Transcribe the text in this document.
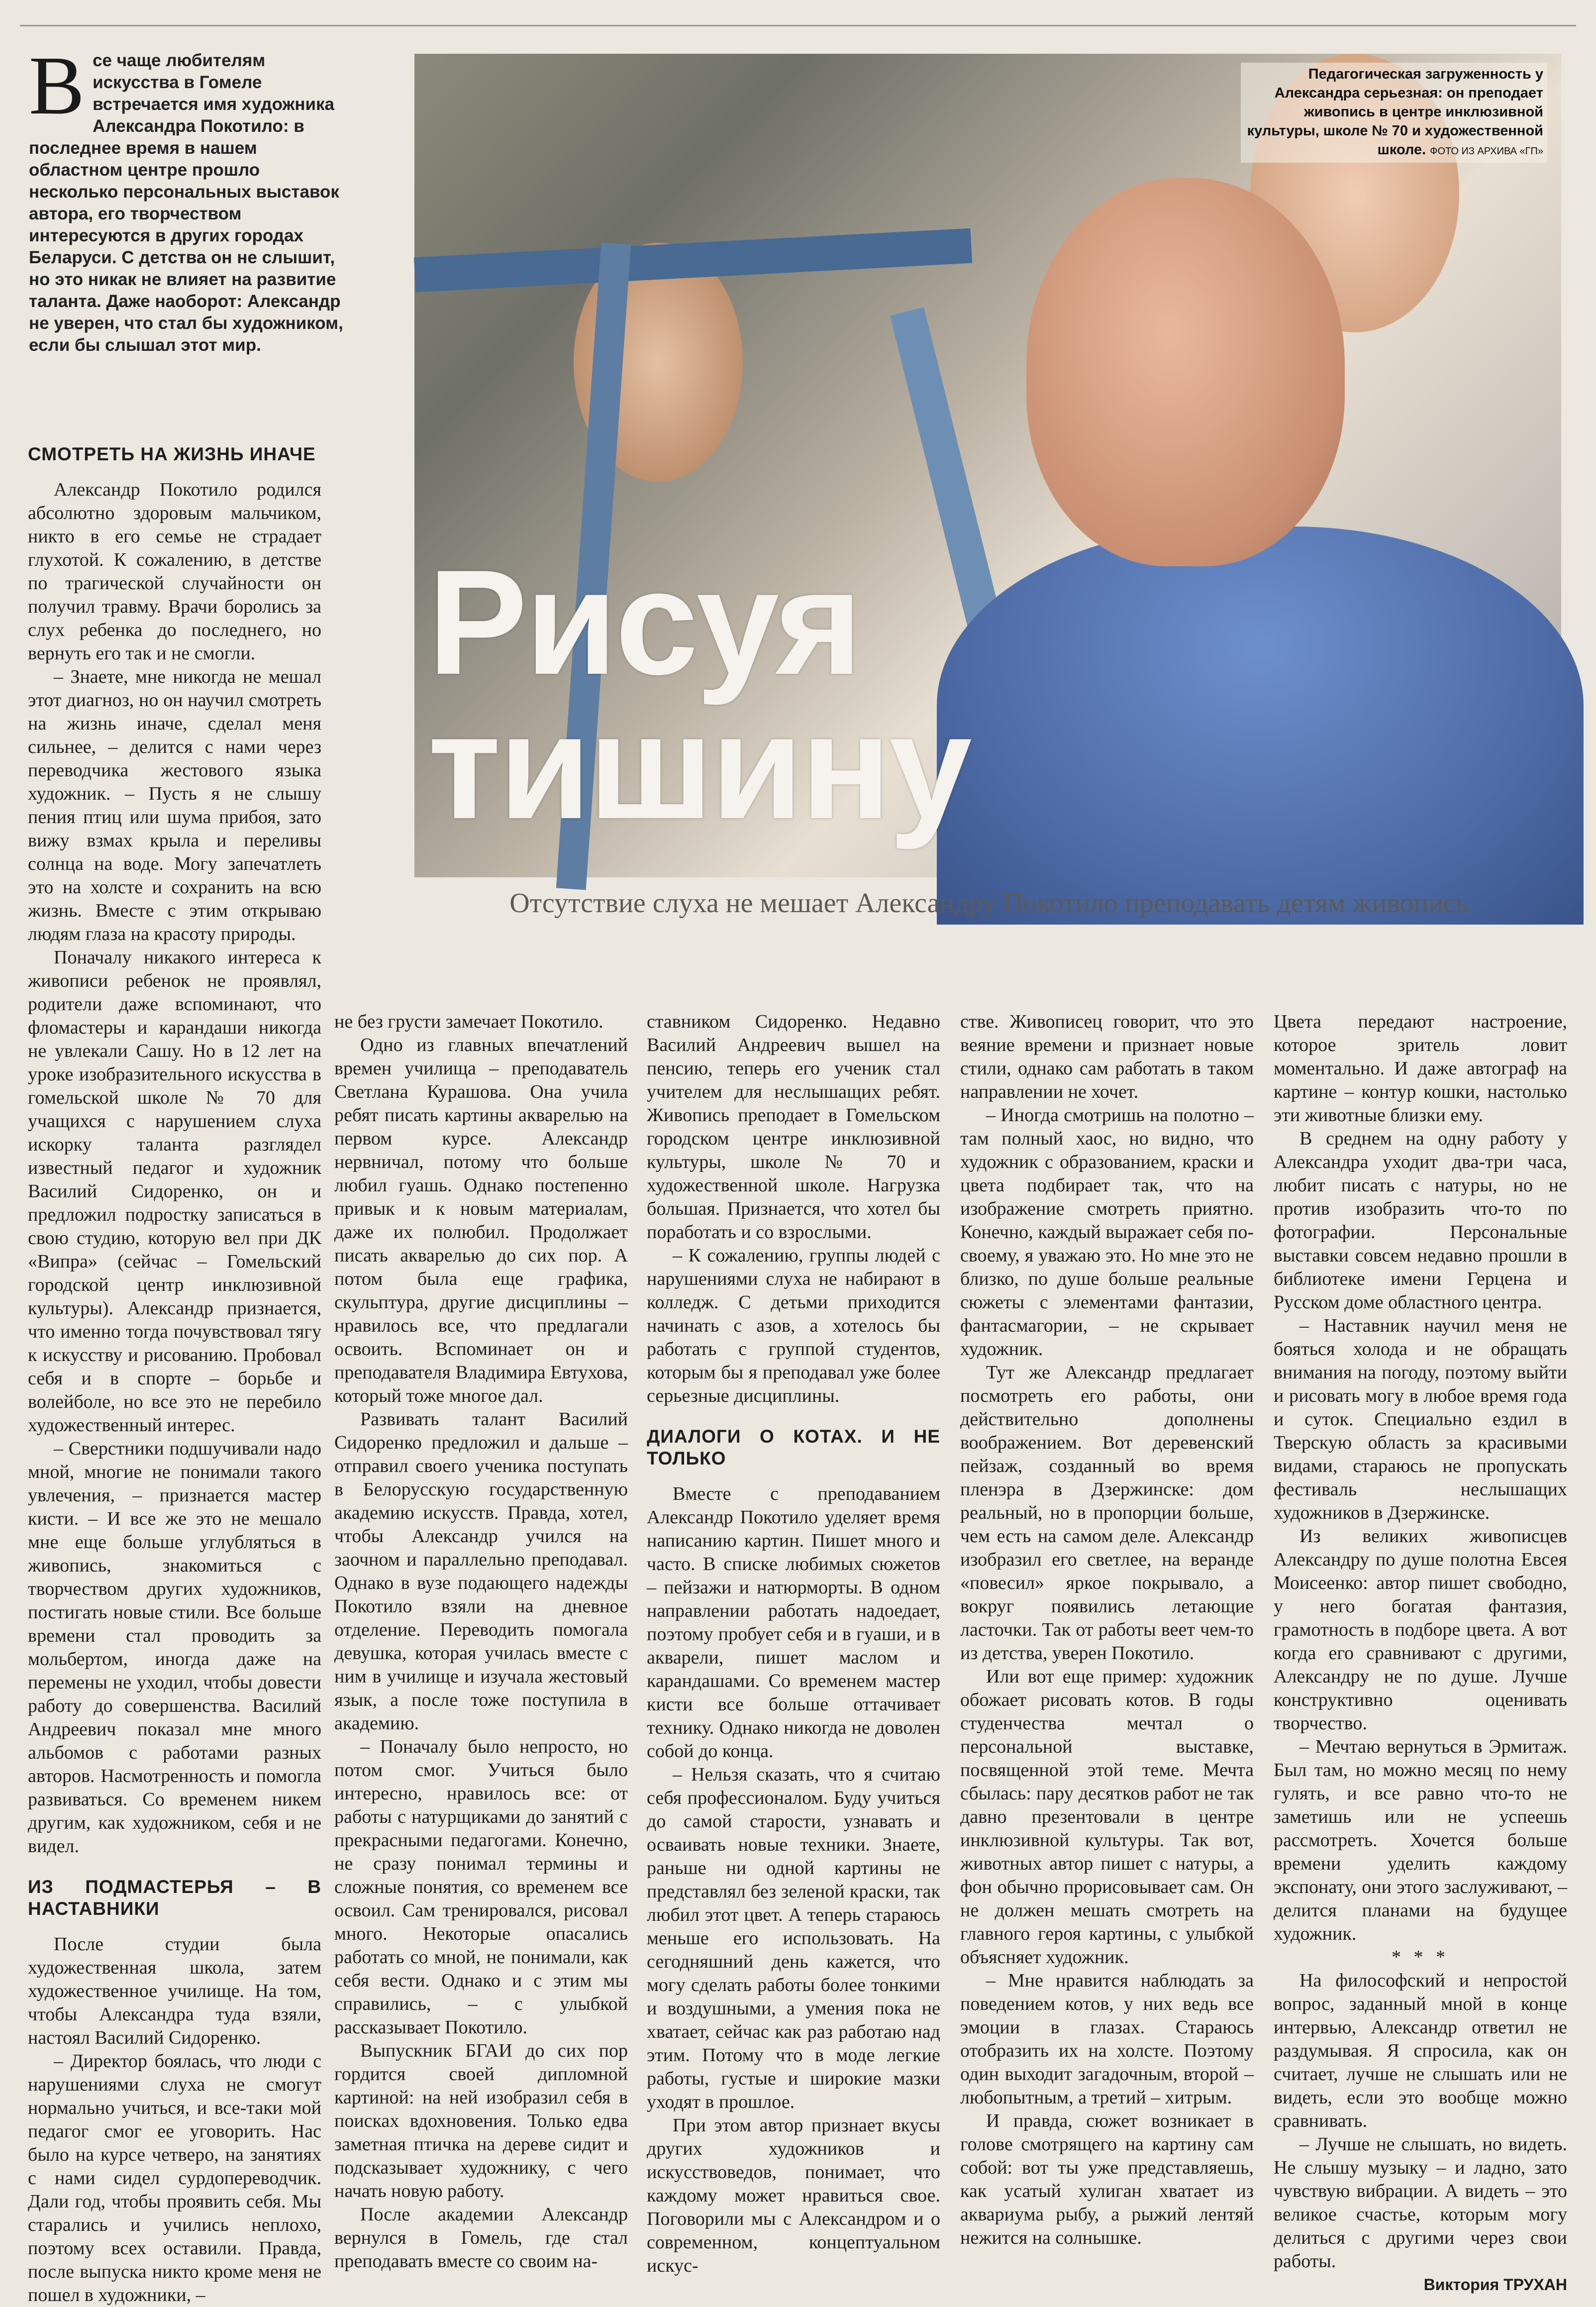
Все чаще любителям искусства в Гомеле встречается имя художника Александра Покотило: в последнее время в нашем областном центре прошло несколько персональных выставок автора, его творчеством интересуются в других городах Беларуси. С детства он не слышит, но это никак не влияет на развитие таланта. Даже наоборот: Александр не уверен, что стал бы художником, если бы слышал этот мир.
Педагогическая загруженность у Александра серьезная: он преподает живопись в центре инклюзивной культуры, школе № 70 и художественной школе. ФОТО ИЗ АРХИВА «ГП»
Рисуя
тишину
Отсутствие слуха не мешает Александру Покотило преподавать детям живопись
СМОТРЕТЬ НА ЖИЗНЬ ИНАЧЕ

Александр Покотило родился абсолютно здоровым мальчиком, никто в его семье не страдает глухотой. К сожалению, в детстве по трагической случайности он получил травму. Врачи боролись за слух ребенка до последнего, но вернуть его так и не смогли.

– Знаете, мне никогда не мешал этот диагноз, но он научил смотреть на жизнь иначе, сделал меня сильнее, – делится с нами через переводчика жестового языка художник. – Пусть я не слышу пения птиц или шума прибоя, зато вижу взмах крыла и переливы солнца на воде. Могу запечатлеть это на холсте и сохранить на всю жизнь. Вместе с этим открываю людям глаза на красоту природы.

Поначалу никакого интереса к живописи ребенок не проявлял, родители даже вспоминают, что фломастеры и карандаши никогда не увлекали Сашу. Но в 12 лет на уроке изобразительного искусства в гомельской школе № 70 для учащихся с нарушением слуха искорку таланта разглядел известный педагог и художник Василий Сидоренко, он и предложил подростку записаться в свою студию, которую вел при ДК «Випра» (сейчас – Гомельский городской центр инклюзивной культуры). Александр признается, что именно тогда почувствовал тягу к искусству и рисованию. Пробовал себя и в спорте – борьбе и волейболе, но все это не перебило художественный интерес.

– Сверстники подшучивали надо мной, многие не понимали такого увлечения, – признается мастер кисти. – И все же это не мешало мне еще больше углубляться в живопись, знакомиться с творчеством других художников, постигать новые стили. Все больше времени стал проводить за мольбертом, иногда даже на перемены не уходил, чтобы довести работу до совершенства. Василий Андреевич показал мне много альбомов с работами разных авторов. Насмотренность и помогла развиваться. Со временем никем другим, как художником, себя и не видел.

ИЗ ПОДМАСТЕРЬЯ – В НАСТАВНИКИ

После студии была художественная школа, затем художественное училище. На том, чтобы Александра туда взяли, настоял Василий Сидоренко.

– Директор боялась, что люди с нарушениями слуха не смогут нормально учиться, и все-таки мой педагог смог ее уговорить. Нас было на курсе четверо, на занятиях с нами сидел сурдопереводчик. Дали год, чтобы проявить себя. Мы старались и учились неплохо, поэтому всех оставили. Правда, после выпуска никто кроме меня не пошел в художники, –

не без грусти замечает Покотило.

Одно из главных впечатлений времен училища – преподаватель Светлана Курашова. Она учила ребят писать картины акварелью на первом курсе. Александр нервничал, потому что больше любил гуашь. Однако постепенно привык и к новым материалам, даже их полюбил. Продолжает писать акварелью до сих пор. А потом была еще графика, скульптура, другие дисциплины – нравилось все, что предлагали освоить. Вспоминает он и преподавателя Владимира Евтухова, который тоже многое дал.

Развивать талант Василий Сидоренко предложил и дальше – отправил своего ученика поступать в Белорусскую государственную академию искусств. Правда, хотел, чтобы Александр учился на заочном и параллельно преподавал. Однако в вузе подающего надежды Покотило взяли на дневное отделение. Переводить помогала девушка, которая училась вместе с ним в училище и изучала жестовый язык, а после тоже поступила в академию.

– Поначалу было непросто, но потом смог. Учиться было интересно, нравилось все: от работы с натурщиками до занятий с прекрасными педагогами. Конечно, не сразу понимал термины и сложные понятия, со временем все освоил. Сам тренировался, рисовал много. Некоторые опасались работать со мной, не понимали, как себя вести. Однако и с этим мы справились, – с улыбкой рассказывает Покотило.

Выпускник БГАИ до сих пор гордится своей дипломной картиной: на ней изобразил себя в поисках вдохновения. Только едва заметная птичка на дереве сидит и подсказывает художнику, с чего начать новую работу.

После академии Александр вернулся в Гомель, где стал преподавать вместе со своим на-

ставником Сидоренко. Недавно Василий Андреевич вышел на пенсию, теперь его ученик стал учителем для неслышащих ребят. Живопись преподает в Гомельском городском центре инклюзивной культуры, школе № 70 и художественной школе. Нагрузка большая. Признается, что хотел бы поработать и со взрослыми.

– К сожалению, группы людей с нарушениями слуха не набирают в колледж. С детьми приходится начинать с азов, а хотелось бы работать с группой студентов, которым бы я преподавал уже более серьезные дисциплины.

ДИАЛОГИ О КОТАХ. И НЕ ТОЛЬКО

Вместе с преподаванием Александр Покотило уделяет время написанию картин. Пишет много и часто. В списке любимых сюжетов – пейзажи и натюрморты. В одном направлении работать надоедает, поэтому пробует себя и в гуаши, и в акварели, пишет маслом и карандашами. Со временем мастер кисти все больше оттачивает технику. Однако никогда не доволен собой до конца.

– Нельзя сказать, что я считаю себя профессионалом. Буду учиться до самой старости, узнавать и осваивать новые техники. Знаете, раньше ни одной картины не представлял без зеленой краски, так любил этот цвет. А теперь стараюсь меньше его использовать. На сегодняшний день кажется, что могу сделать работы более тонкими и воздушными, а умения пока не хватает, сейчас как раз работаю над этим. Потому что в моде легкие работы, густые и широкие мазки уходят в прошлое.

При этом автор признает вкусы других художников и искусствоведов, понимает, что каждому может нравиться свое. Поговорили мы с Александром и о современном, концептуальном искус-

стве. Живописец говорит, что это веяние времени и признает новые стили, однако сам работать в таком направлении не хочет.

– Иногда смотришь на полотно – там полный хаос, но видно, что художник с образованием, краски и цвета подбирает так, что на изображение смотреть приятно. Конечно, каждый выражает себя по-своему, я уважаю это. Но мне это не близко, по душе больше реальные сюжеты с элементами фантазии, фантасмагории, – не скрывает художник.

Тут же Александр предлагает посмотреть его работы, они действительно дополнены воображением. Вот деревенский пейзаж, созданный во время пленэра в Дзержинске: дом реальный, но в пропорции больше, чем есть на самом деле. Александр изобразил его светлее, на веранде «повесил» яркое покрывало, а вокруг появились летающие ласточки. Так от работы веет чем-то из детства, уверен Покотило.

Или вот еще пример: художник обожает рисовать котов. В годы студенчества мечтал о персональной выставке, посвященной этой теме. Мечта сбылась: пару десятков работ не так давно презентовали в центре инклюзивной культуры. Так вот, животных автор пишет с натуры, а фон обычно прорисовывает сам. Он не должен мешать смотреть на главного героя картины, с улыбкой объясняет художник.

– Мне нравится наблюдать за поведением котов, у них ведь все эмоции в глазах. Стараюсь отобразить их на холсте. Поэтому один выходит загадочным, второй – любопытным, а третий – хитрым.

И правда, сюжет возникает в голове смотрящего на картину сам собой: вот ты уже представляешь, как усатый хулиган хватает из аквариума рыбу, а рыжий лентяй нежится на солнышке.

Цвета передают настроение, которое зритель ловит моментально. И даже автограф на картине – контур кошки, настолько эти животные близки ему.

В среднем на одну работу у Александра уходит два-три часа, любит писать с натуры, но не против изобразить что-то по фотографии. Персональные выставки совсем недавно прошли в библиотеке имени Герцена и Русском доме областного центра.

– Наставник научил меня не бояться холода и не обращать внимания на погоду, поэтому выйти и рисовать могу в любое время года и суток. Специально ездил в Тверскую область за красивыми видами, стараюсь не пропускать фестиваль неслышащих художников в Дзержинске.

Из великих живописцев Александру по душе полотна Евсея Моисеенко: автор пишет свободно, у него богатая фантазия, грамотность в подборе цвета. А вот когда его сравнивают с другими, Александру не по душе. Лучше конструктивно оценивать творчество.

– Мечтаю вернуться в Эрмитаж. Был там, но можно месяц по нему гулять, и все равно что-то не заметишь или не успеешь рассмотреть. Хочется больше времени уделить каждому экспонату, они этого заслуживают, – делится планами на будущее художник.

* * *

На философский и непростой вопрос, заданный мной в конце интервью, Александр ответил не раздумывая. Я спросила, как он считает, лучше не слышать или не видеть, если это вообще можно сравнивать.

– Лучше не слышать, но видеть. Не слышу музыку – и ладно, зато чувствую вибрации. А видеть – это великое счастье, которым могу делиться с другими через свои работы.

Виктория ТРУХАН
